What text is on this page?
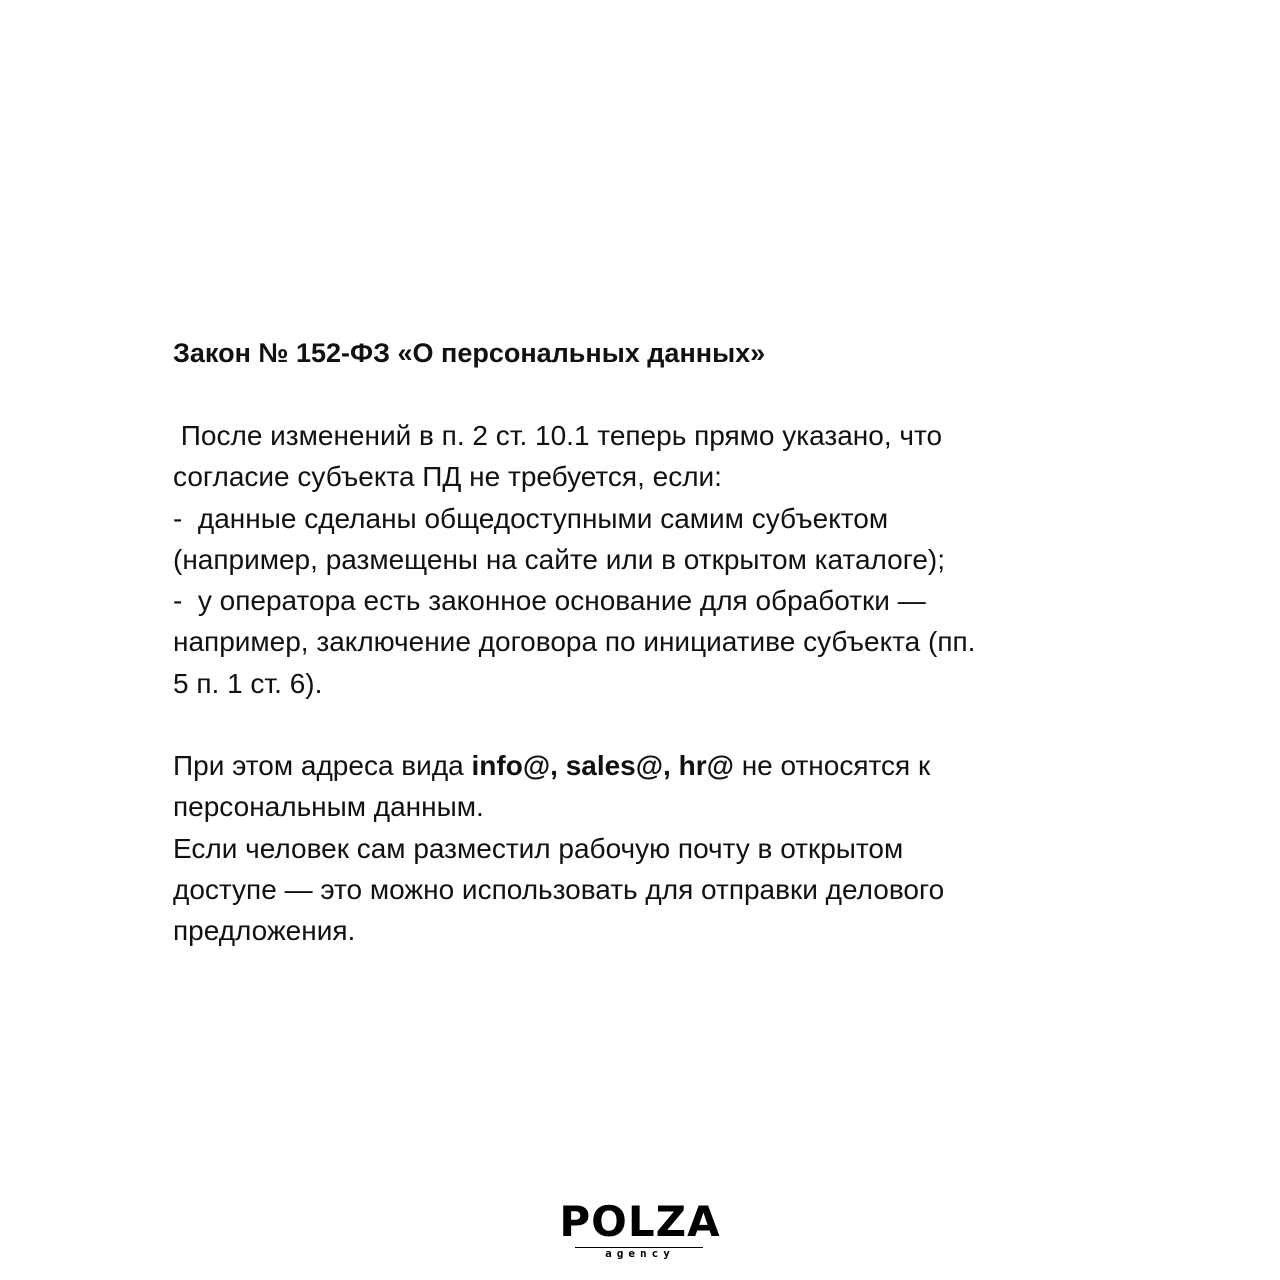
Закон № 152-ФЗ «О персональных данных»

После изменений в п. 2 ст. 10.1 теперь прямо указано, что
согласие субъекта ПД не требуется, если:
-  данные сделаны общедоступными самим субъектом
(например, размещены на сайте или в открытом каталоге);
-  у оператора есть законное основание для обработки —
например, заключение договора по инициативе субъекта (пп.
5 п. 1 ст. 6).

При этом адреса вида info@, sales@, hr@ не относятся к
персональным данным.
Если человек сам разместил рабочую почту в открытом
доступе — это можно использовать для отправки делового
предложения.

POLZA
agency
